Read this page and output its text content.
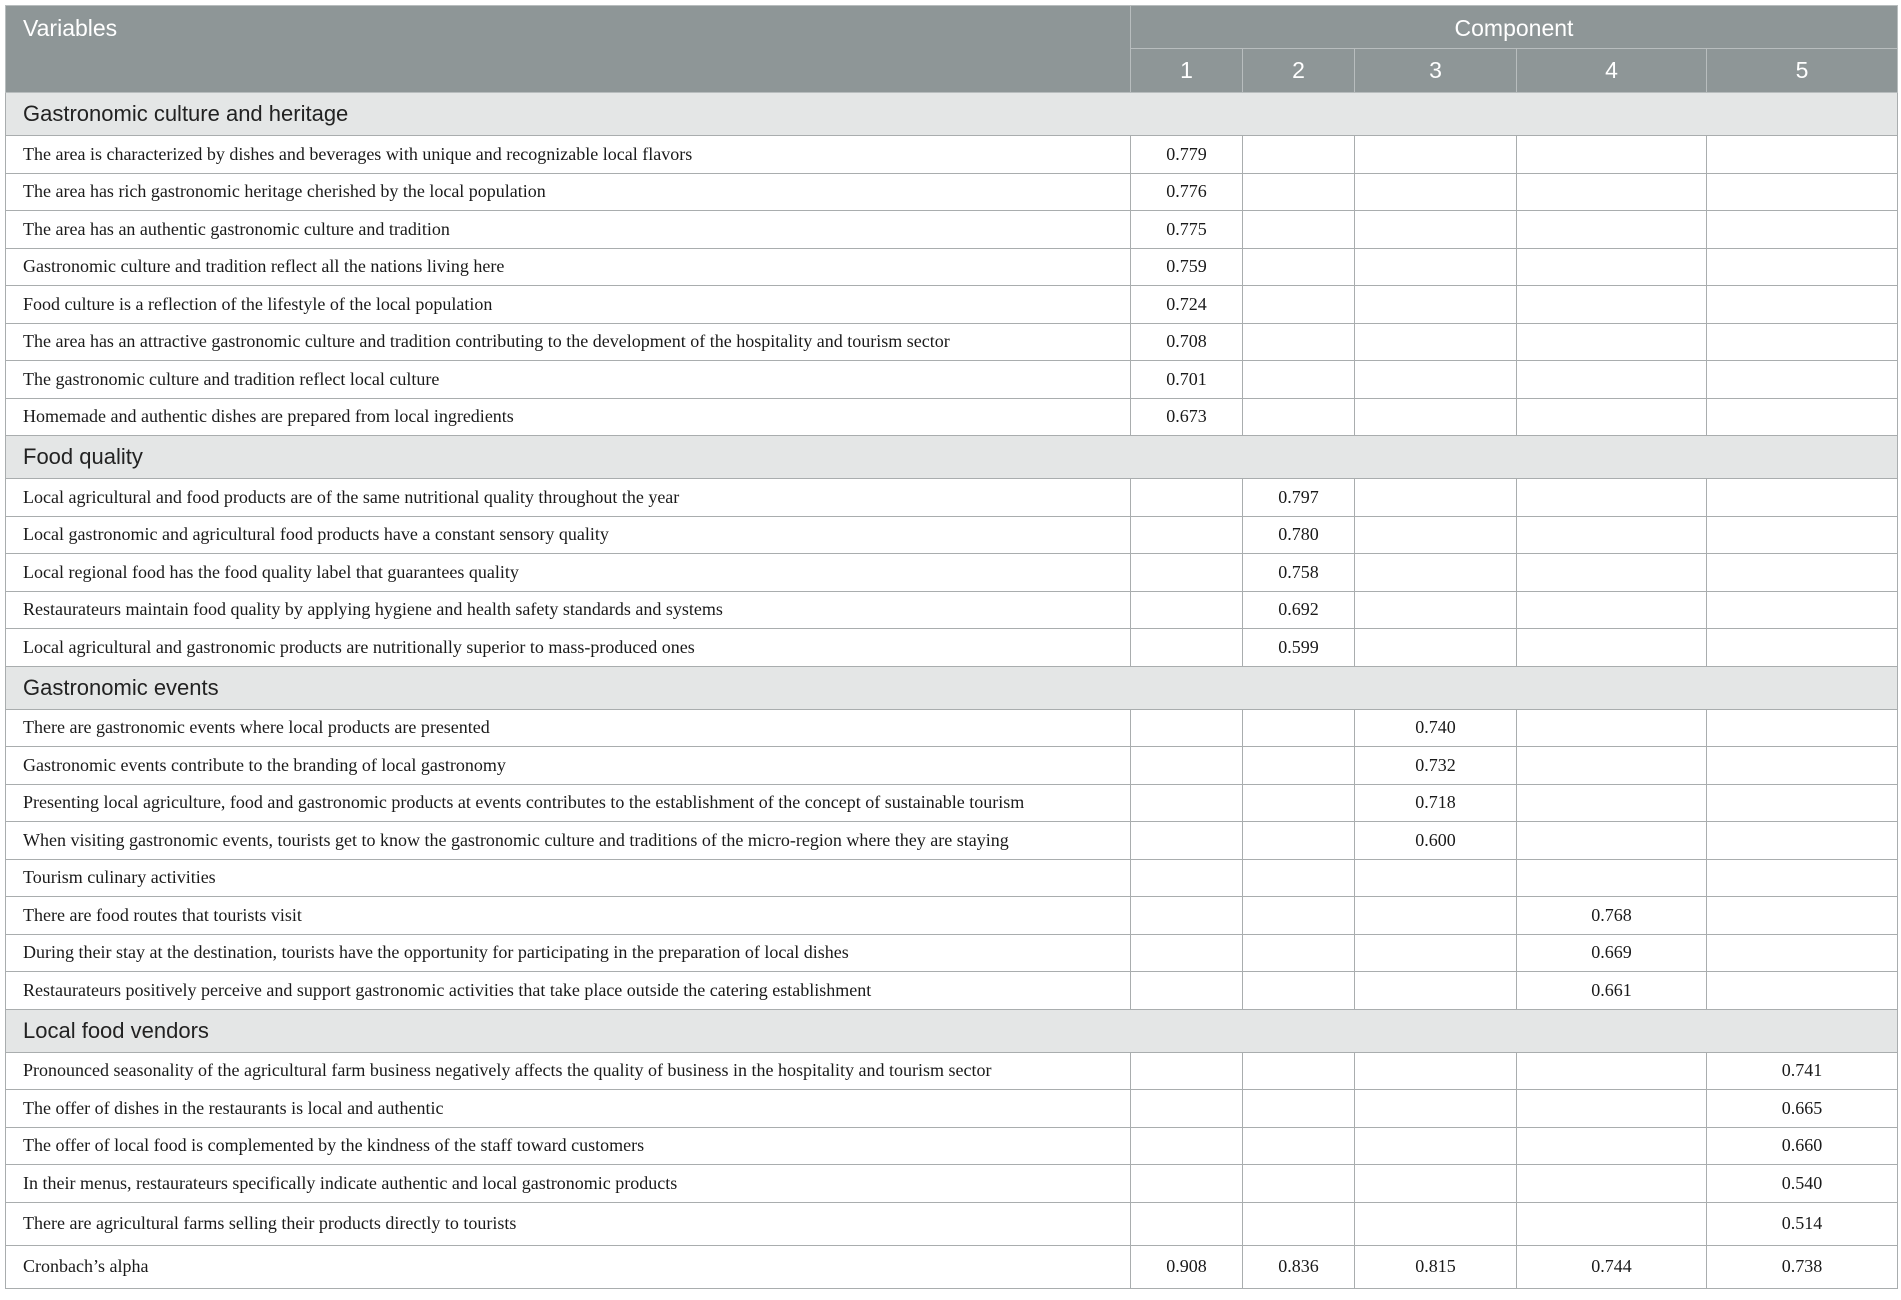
Variables	Component				
	1	2	3	4	5
Gastronomic culture and heritage					
The area is characterized by dishes and beverages with unique and recognizable local flavors	0.779				
The area has rich gastronomic heritage cherished by the local population	0.776				
The area has an authentic gastronomic culture and tradition	0.775				
Gastronomic culture and tradition reflect all the nations living here	0.759				
Food culture is a reflection of the lifestyle of the local population	0.724				
The area has an attractive gastronomic culture and tradition contributing to the development of the hospitality and tourism sector	0.708				
The gastronomic culture and tradition reflect local culture	0.701				
Homemade and authentic dishes are prepared from local ingredients	0.673				
Food quality					
Local agricultural and food products are of the same nutritional quality throughout the year		0.797			
Local gastronomic and agricultural food products have a constant sensory quality		0.780			
Local regional food has the food quality label that guarantees quality		0.758			
Restaurateurs maintain food quality by applying hygiene and health safety standards and systems		0.692			
Local agricultural and gastronomic products are nutritionally superior to mass-produced ones		0.599			
Gastronomic events					
There are gastronomic events where local products are presented			0.740		
Gastronomic events contribute to the branding of local gastronomy			0.732		
Presenting local agriculture, food and gastronomic products at events contributes to the establishment of the concept of sustainable tourism			0.718		
When visiting gastronomic events, tourists get to know the gastronomic culture and traditions of the micro-region where they are staying			0.600		
Tourism culinary activities					
There are food routes that tourists visit				0.768	
During their stay at the destination, tourists have the opportunity for participating in the preparation of local dishes				0.669	
Restaurateurs positively perceive and support gastronomic activities that take place outside the catering establishment				0.661	
Local food vendors					
Pronounced seasonality of the agricultural farm business negatively affects the quality of business in the hospitality and tourism sector					0.741
The offer of dishes in the restaurants is local and authentic					0.665
The offer of local food is complemented by the kindness of the staff toward customers					0.660
In their menus, restaurateurs specifically indicate authentic and local gastronomic products					0.540
There are agricultural farms selling their products directly to tourists					0.514
Cronbach’s alpha	0.908	0.836	0.815	0.744	0.738
